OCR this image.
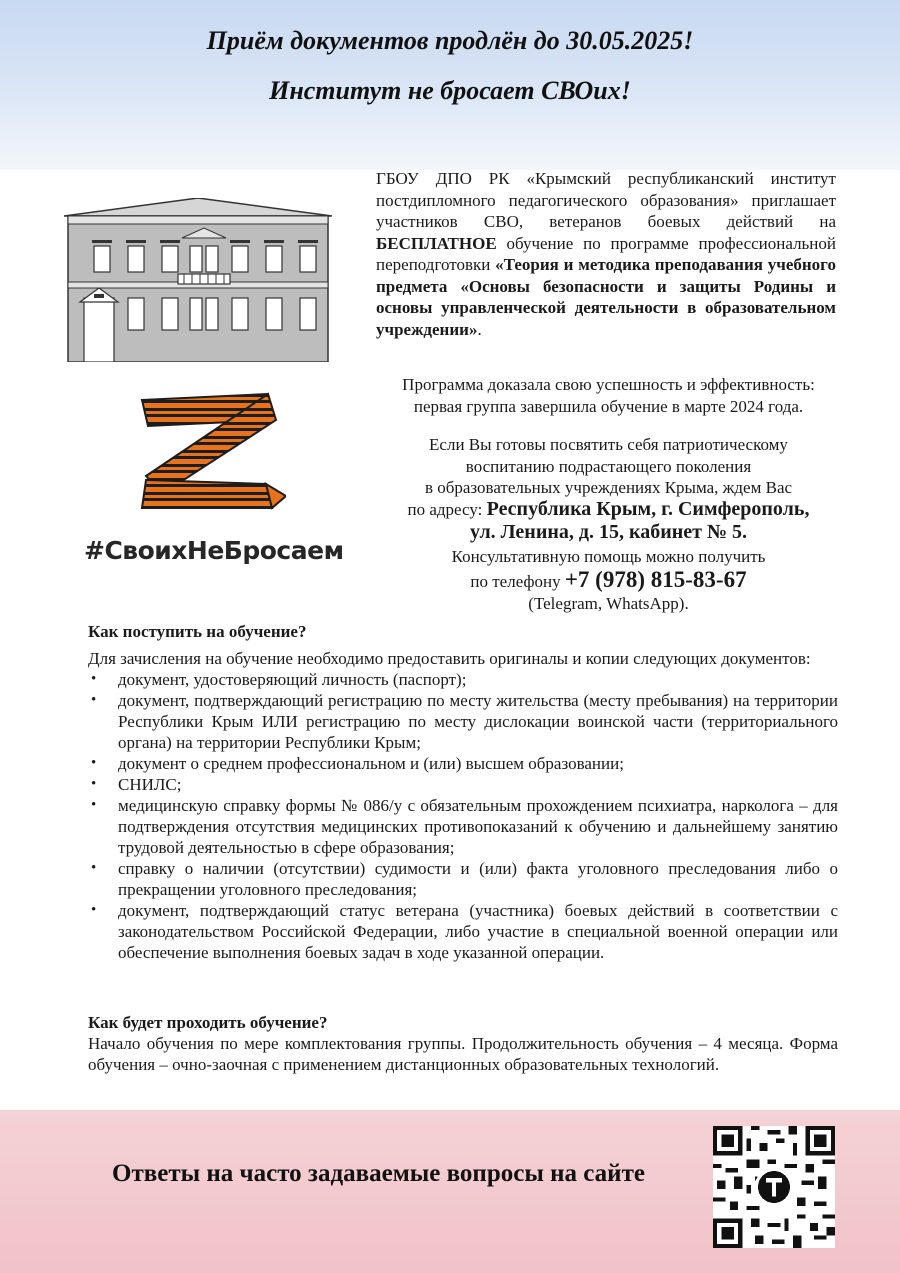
Приём документов продлён до 30.05.2025!
Институт не бросает СВОих!
#СвоихНеБросаем
ГБОУ ДПО РК «Крымский республиканский институт постдипломного педагогического образования» приглашает участников СВО, ветеранов боевых действий на БЕСПЛАТНОЕ обучение по программе профессиональной переподготовки «Теория и методика преподавания учебного предмета «Основы безопасности и защиты Родины и основы управленческой деятельности в образовательном учреждении».
Программа доказала свою успешность и эффективность:
первая группа завершила обучение в марте 2024 года.
Если Вы готовы посвятить себя патриотическому
воспитанию подрастающего поколения
в образовательных учреждениях Крыма, ждем Вас
по адресу: Республика Крым, г. Симферополь,
ул. Ленина, д. 15, кабинет № 5.
Консультативную помощь можно получить
по телефону +7 (978) 815-83-67
(Telegram, WhatsApp).
Как поступить на обучение?
Для зачисления на обучение необходимо предоставить оригиналы и копии следующих документов:
• документ, удостоверяющий личность (паспорт);
• документ, подтверждающий регистрацию по месту жительства (месту пребывания) на территории Республики Крым ИЛИ регистрацию по месту дислокации воинской части (территориального органа) на территории Республики Крым;
• документ о среднем профессиональном и (или) высшем образовании;
• СНИЛС;
• медицинскую справку формы № 086/у с обязательным прохождением психиатра, нарколога – для подтверждения отсутствия медицинских противопоказаний к обучению и дальнейшему занятию трудовой деятельностью в сфере образования;
• справку о наличии (отсутствии) судимости и (или) факта уголовного преследования либо о прекращении уголовного преследования;
• документ, подтверждающий статус ветерана (участника) боевых действий в соответствии с законодательством Российской Федерации, либо участие в специальной военной операции или обеспечение выполнения боевых задач в ходе указанной операции.
Как будет проходить обучение?
Начало обучения по мере комплектования группы. Продолжительность обучения – 4 месяца. Форма обучения – очно-заочная с применением дистанционных образовательных технологий.
Ответы на часто задаваемые вопросы на сайте
